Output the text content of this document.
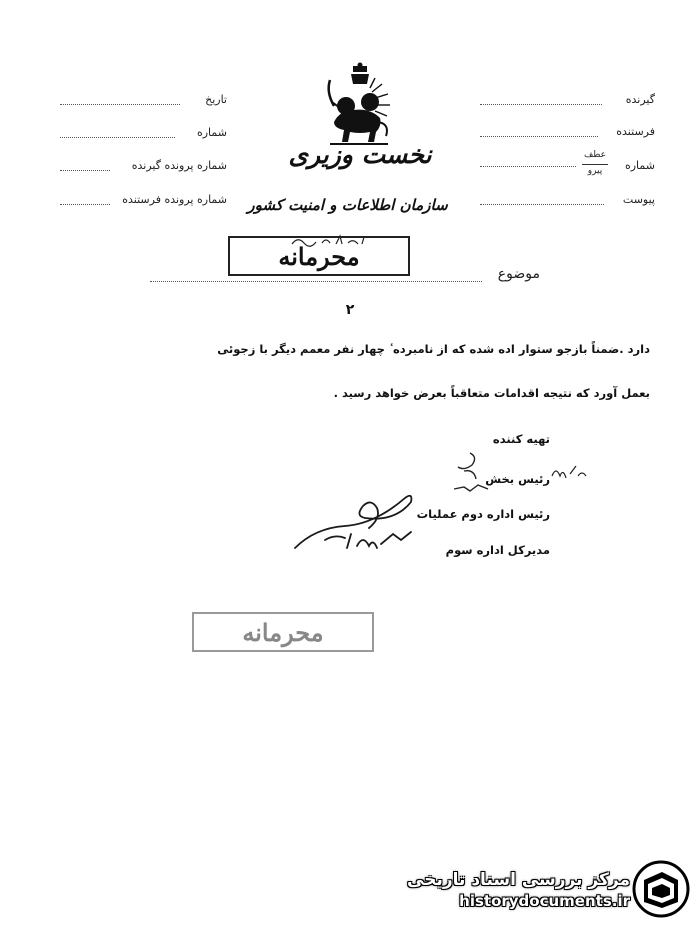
نخست وزیری
سازمان اطلاعات و امنیت کشور
تاریخ
شماره
شماره پرونده گیرنده
شماره پرونده فرستنده
گیرنده
فرستنده
شماره
عطف
پیرو
پیوست
محرمانه
موضوع
۲
دارد .ضمناً بازجو ستوار اده شده که از نامبرده ٔ چهار نفر معمم دیگر با زجوئی
بعمل آورد که نتیجه اقدامات متعاقباً بعرض خواهد رسید .
تهیه کننده
رئیس بخش
رئیس اداره دوم عملیات
مدیرکل اداره سوم
محرمانه
مرکز بررسی اسناد تاریخی
historydocuments.ir
